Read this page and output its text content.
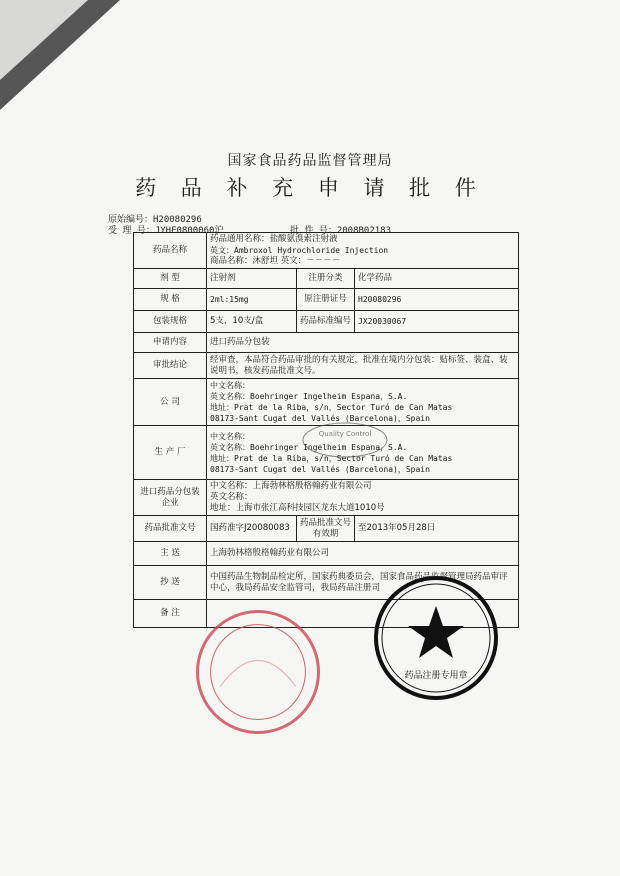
国家食品药品监督管理局
药 品 补 充 申 请 批 件
原始编号：H20080296
受 理 号：JYHF0800060沪	批 件 号：2008B02183
药品名称	药品通用名称：盐酸氨溴索注射液
英文：Ambroxol Hydrochloride Injection
商品名称：沐舒坦 英文：－－－－		

剂 型	注射剂	注册分类	化学药品
规 格	2ml:15mg	原注册证号	H20080296
包装规格	5支，10支/盒	药品标准编号	JX20030067
申请内容	进口药品分包装		
审批结论	经审查，本品符合药品审批的有关规定，批准在境内分包装：贴标签、装盒、装说明书，核发药品批准文号。		
公 司	中文名称：
英文名称：Boehringer Ingelheim Espana，S.A.
地址：Prat de la Riba，s/n，Sector Turó de Can Matas
08173-Sant Cugat del Vallés (Barcelona)，Spain		

生 产 厂	中文名称：
英文名称：Boehringer Ingelheim Espana，S.A.
地址：Prat de la Riba，s/n，Sector Turó de Can Matas
08173-Sant Cugat del Vallés (Barcelona)，Spain		

进口药品分包装企业	中文名称：上海勃林格殷格翰药业有限公司
英文名称：
地址：上海市张江高科技园区龙东大道1010号		

药品批准文号	国药准字J20080083	药品批准文号有效期	至2013年05月28日
主 送	上海勃林格殷格翰药业有限公司		
抄 送	中国药品生物制品检定所，国家药典委员会，国家食品药品监督管理局药品审评中心，我局药品安全监管司，我局药品注册司		
备 注			
Quality Control
药品注册专用章
